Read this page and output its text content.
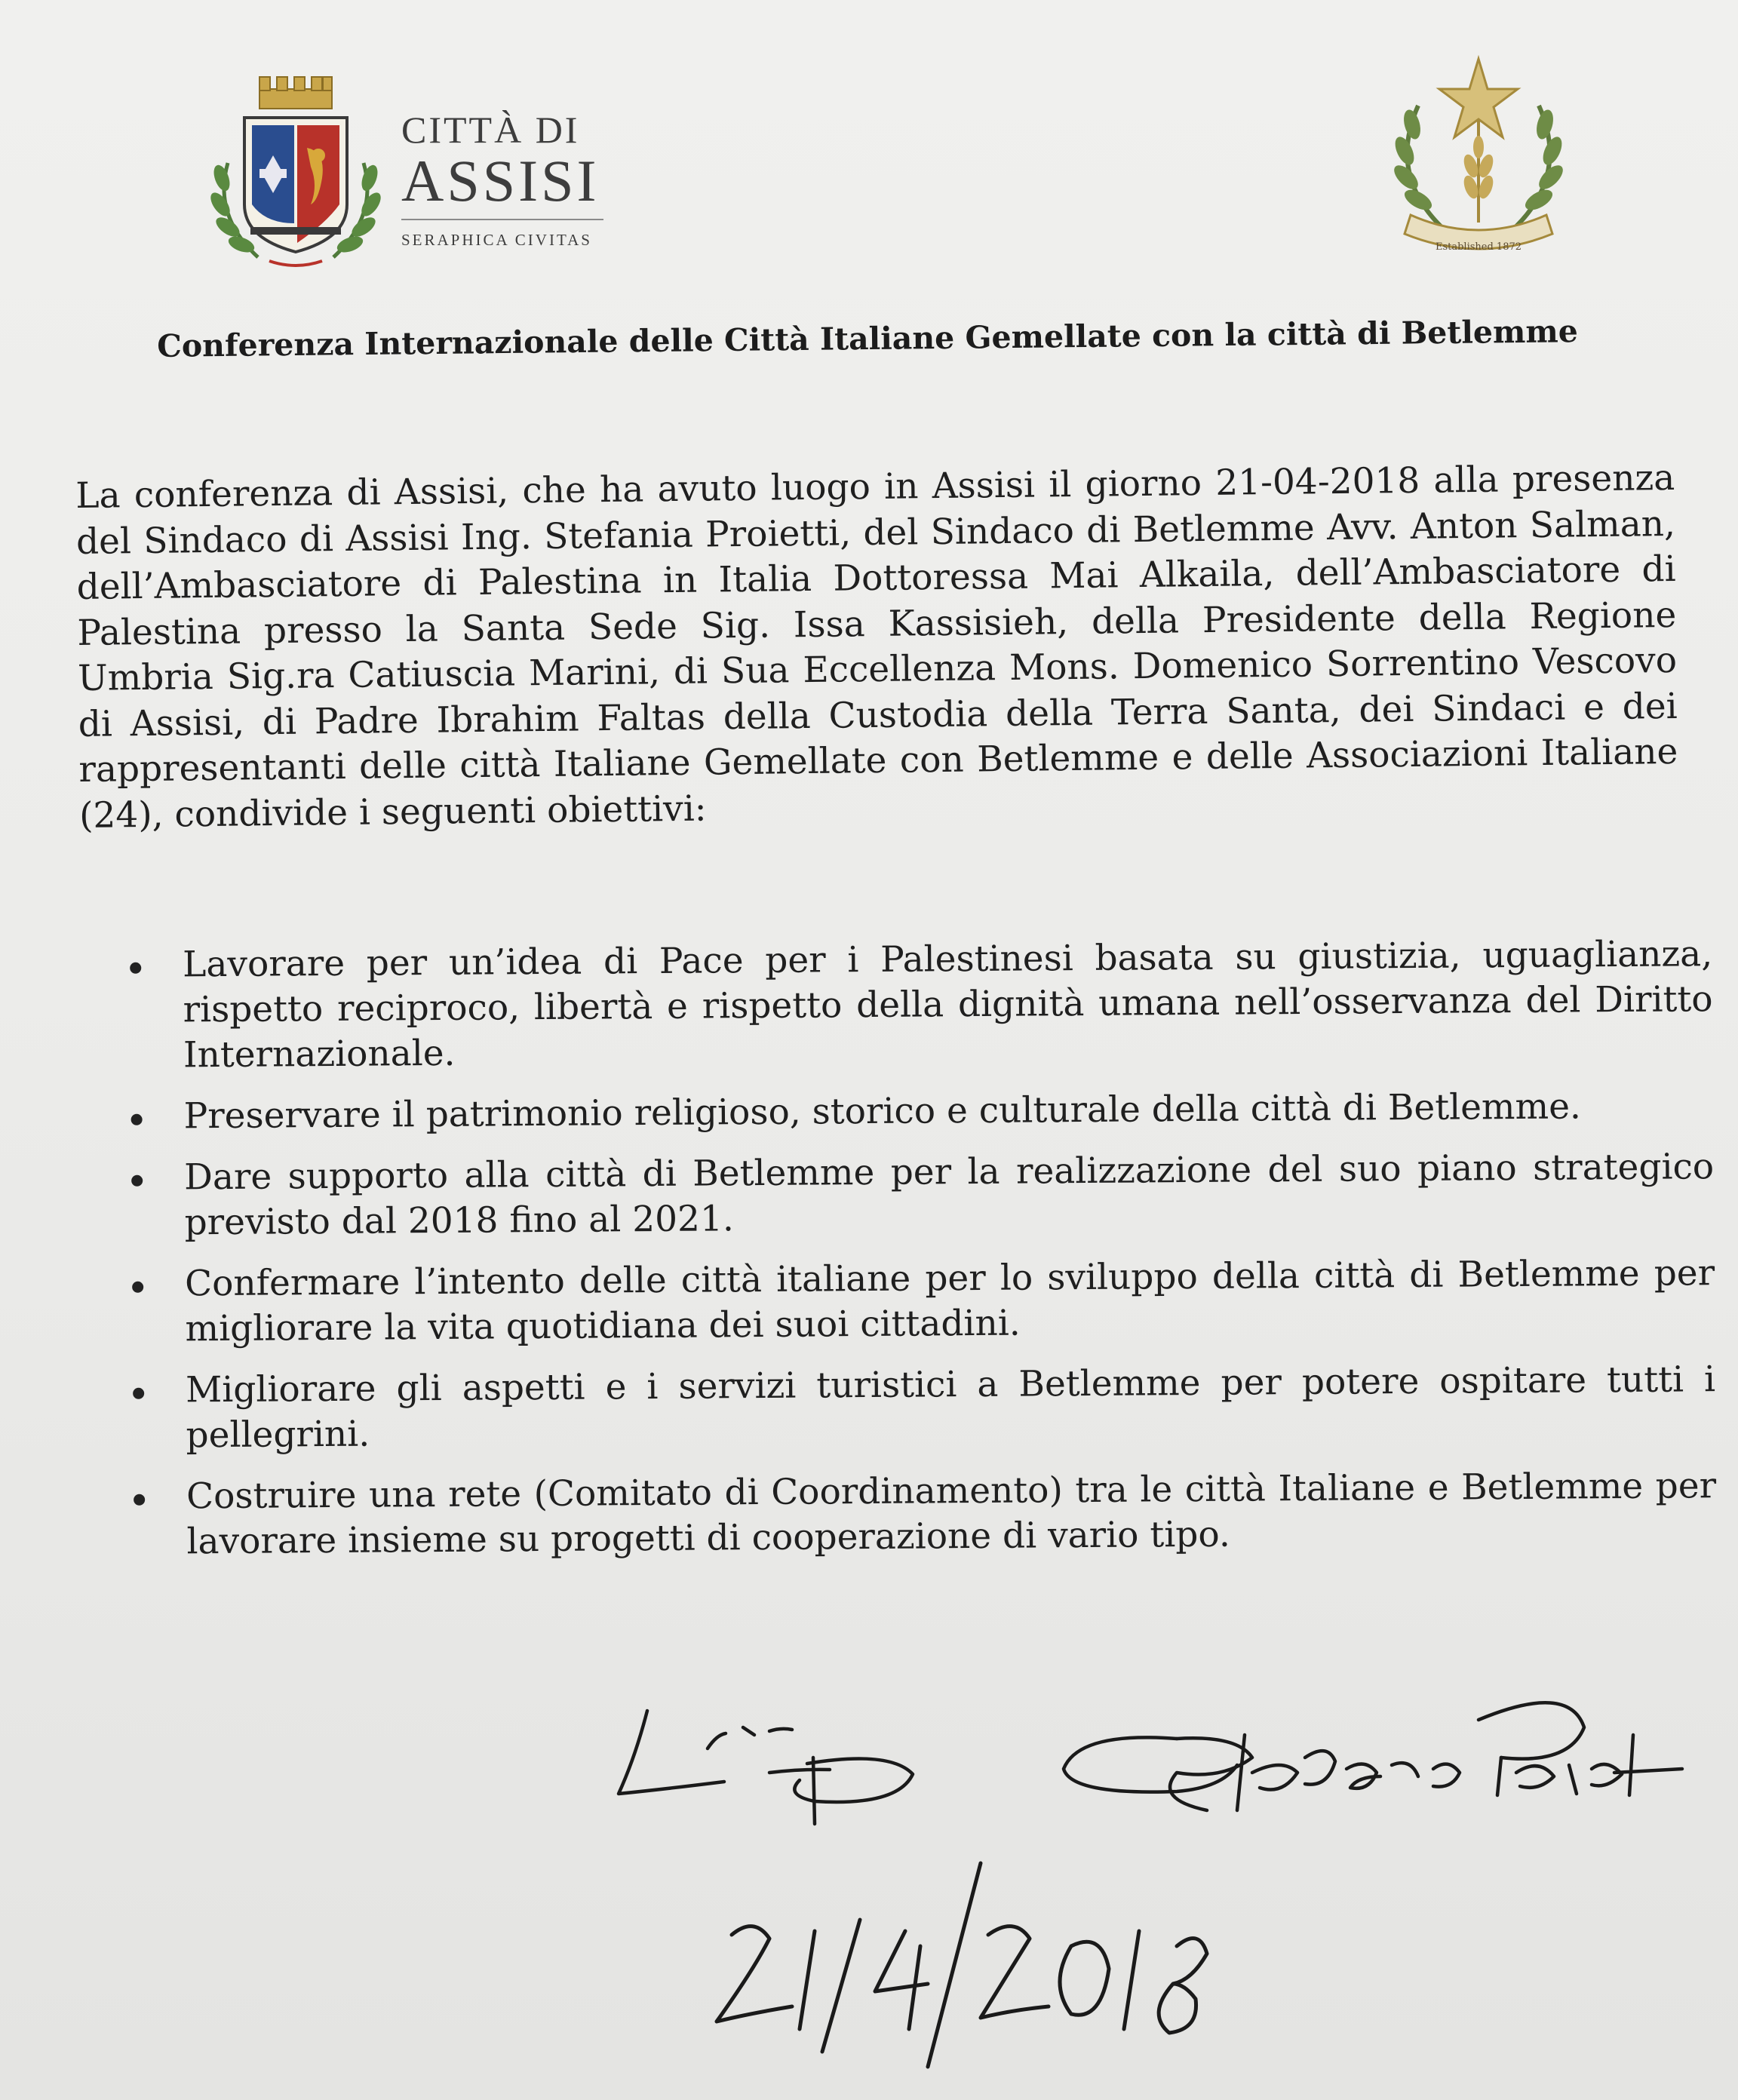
CITTÀ DI
ASSISI
SERAPHICA CIVITAS	Established 1872
Conferenza Internazionale delle Città Italiane Gemellate con la città di Betlemme
La conferenza di Assisi, che ha avuto luogo in Assisi il giorno 21-04-2018 alla presenza del Sindaco di Assisi Ing. Stefania Proietti, del Sindaco di Betlemme Avv. Anton Salman, dell’Ambasciatore di Palestina in Italia Dottoressa Mai Alkaila, dell’Ambasciatore di Palestina presso la Santa Sede Sig. Issa Kassisieh, della Presidente della Regione Umbria Sig.ra Catiuscia Marini, di Sua Eccellenza Mons. Domenico Sorrentino Vescovo di Assisi, di Padre Ibrahim Faltas della Custodia della Terra Santa, dei Sindaci e dei rappresentanti delle città Italiane Gemellate con Betlemme e delle Associazioni Italiane (24), condivide i seguenti obiettivi:
Lavorare per un’idea di Pace per i Palestinesi basata su giustizia, uguaglianza, rispetto reciproco, libertà e rispetto della dignità umana nell’osservanza del Diritto Internazionale.
Preservare il patrimonio religioso, storico e culturale della città di Betlemme.
Dare supporto alla città di Betlemme per la realizzazione del suo piano strategico previsto dal 2018 fino al 2021.
Confermare l’intento delle città italiane per lo sviluppo della città di Betlemme per migliorare la vita quotidiana dei suoi cittadini.
Migliorare gli aspetti e i servizi turistici a Betlemme per potere ospitare tutti i pellegrini.
Costruire una rete (Comitato di Coordinamento) tra le città Italiane e Betlemme per lavorare insieme su progetti di cooperazione di vario tipo.
